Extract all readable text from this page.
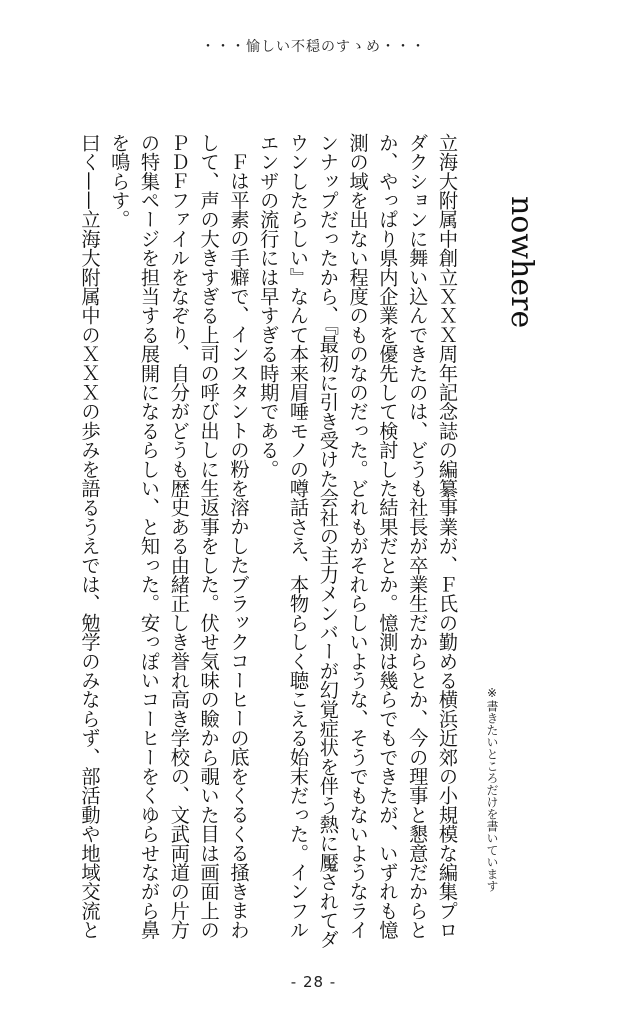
・・・愉しい不穏のすゝめ・・・
nowhere
※書きたいところだけを書いています

立海大附属中創立ＸＸＸ周年記念誌の編纂事業が、Ｆ氏の勤める横浜近郊の小規模な編集プロダクションに舞い込んできたのは、どうも社長が卒業生だからとか、今の理事と懇意だからとか、やっぱり県内企業を優先して検討した結果だとか。憶測は幾らでもできたが、いずれも憶測の域を出ない程度のものなのだった。どれもがそれらしいような、そうでもないようなラインナップだったから、『最初に引き受けた会社の主力メンバーが幻覚症状を伴う熱に魘されてダウンしたらしい』なんて本来眉唾モノの噂話さえ、本物らしく聴こえる始末だった。インフルエンザの流行には早すぎる時期である。

Ｆは平素の手癖で、インスタントの粉を溶かしたブラックコーヒーの底をくるくる掻きまわして、声の大きすぎる上司の呼び出しに生返事をした。伏せ気味の瞼から覗いた目は画面上のＰＤＦファイルをなぞり、自分がどうも歴史ある由緒正しき誉れ高き学校の、文武両道の片方の特集ページを担当する展開になるらしい、と知った。安っぽいコーヒーをくゆらせながら鼻を鳴らす。

曰く——立海大附属中のＸＸＸの歩みを語るうえでは、勉学のみならず、部活動や地域交流と

- 28 -
